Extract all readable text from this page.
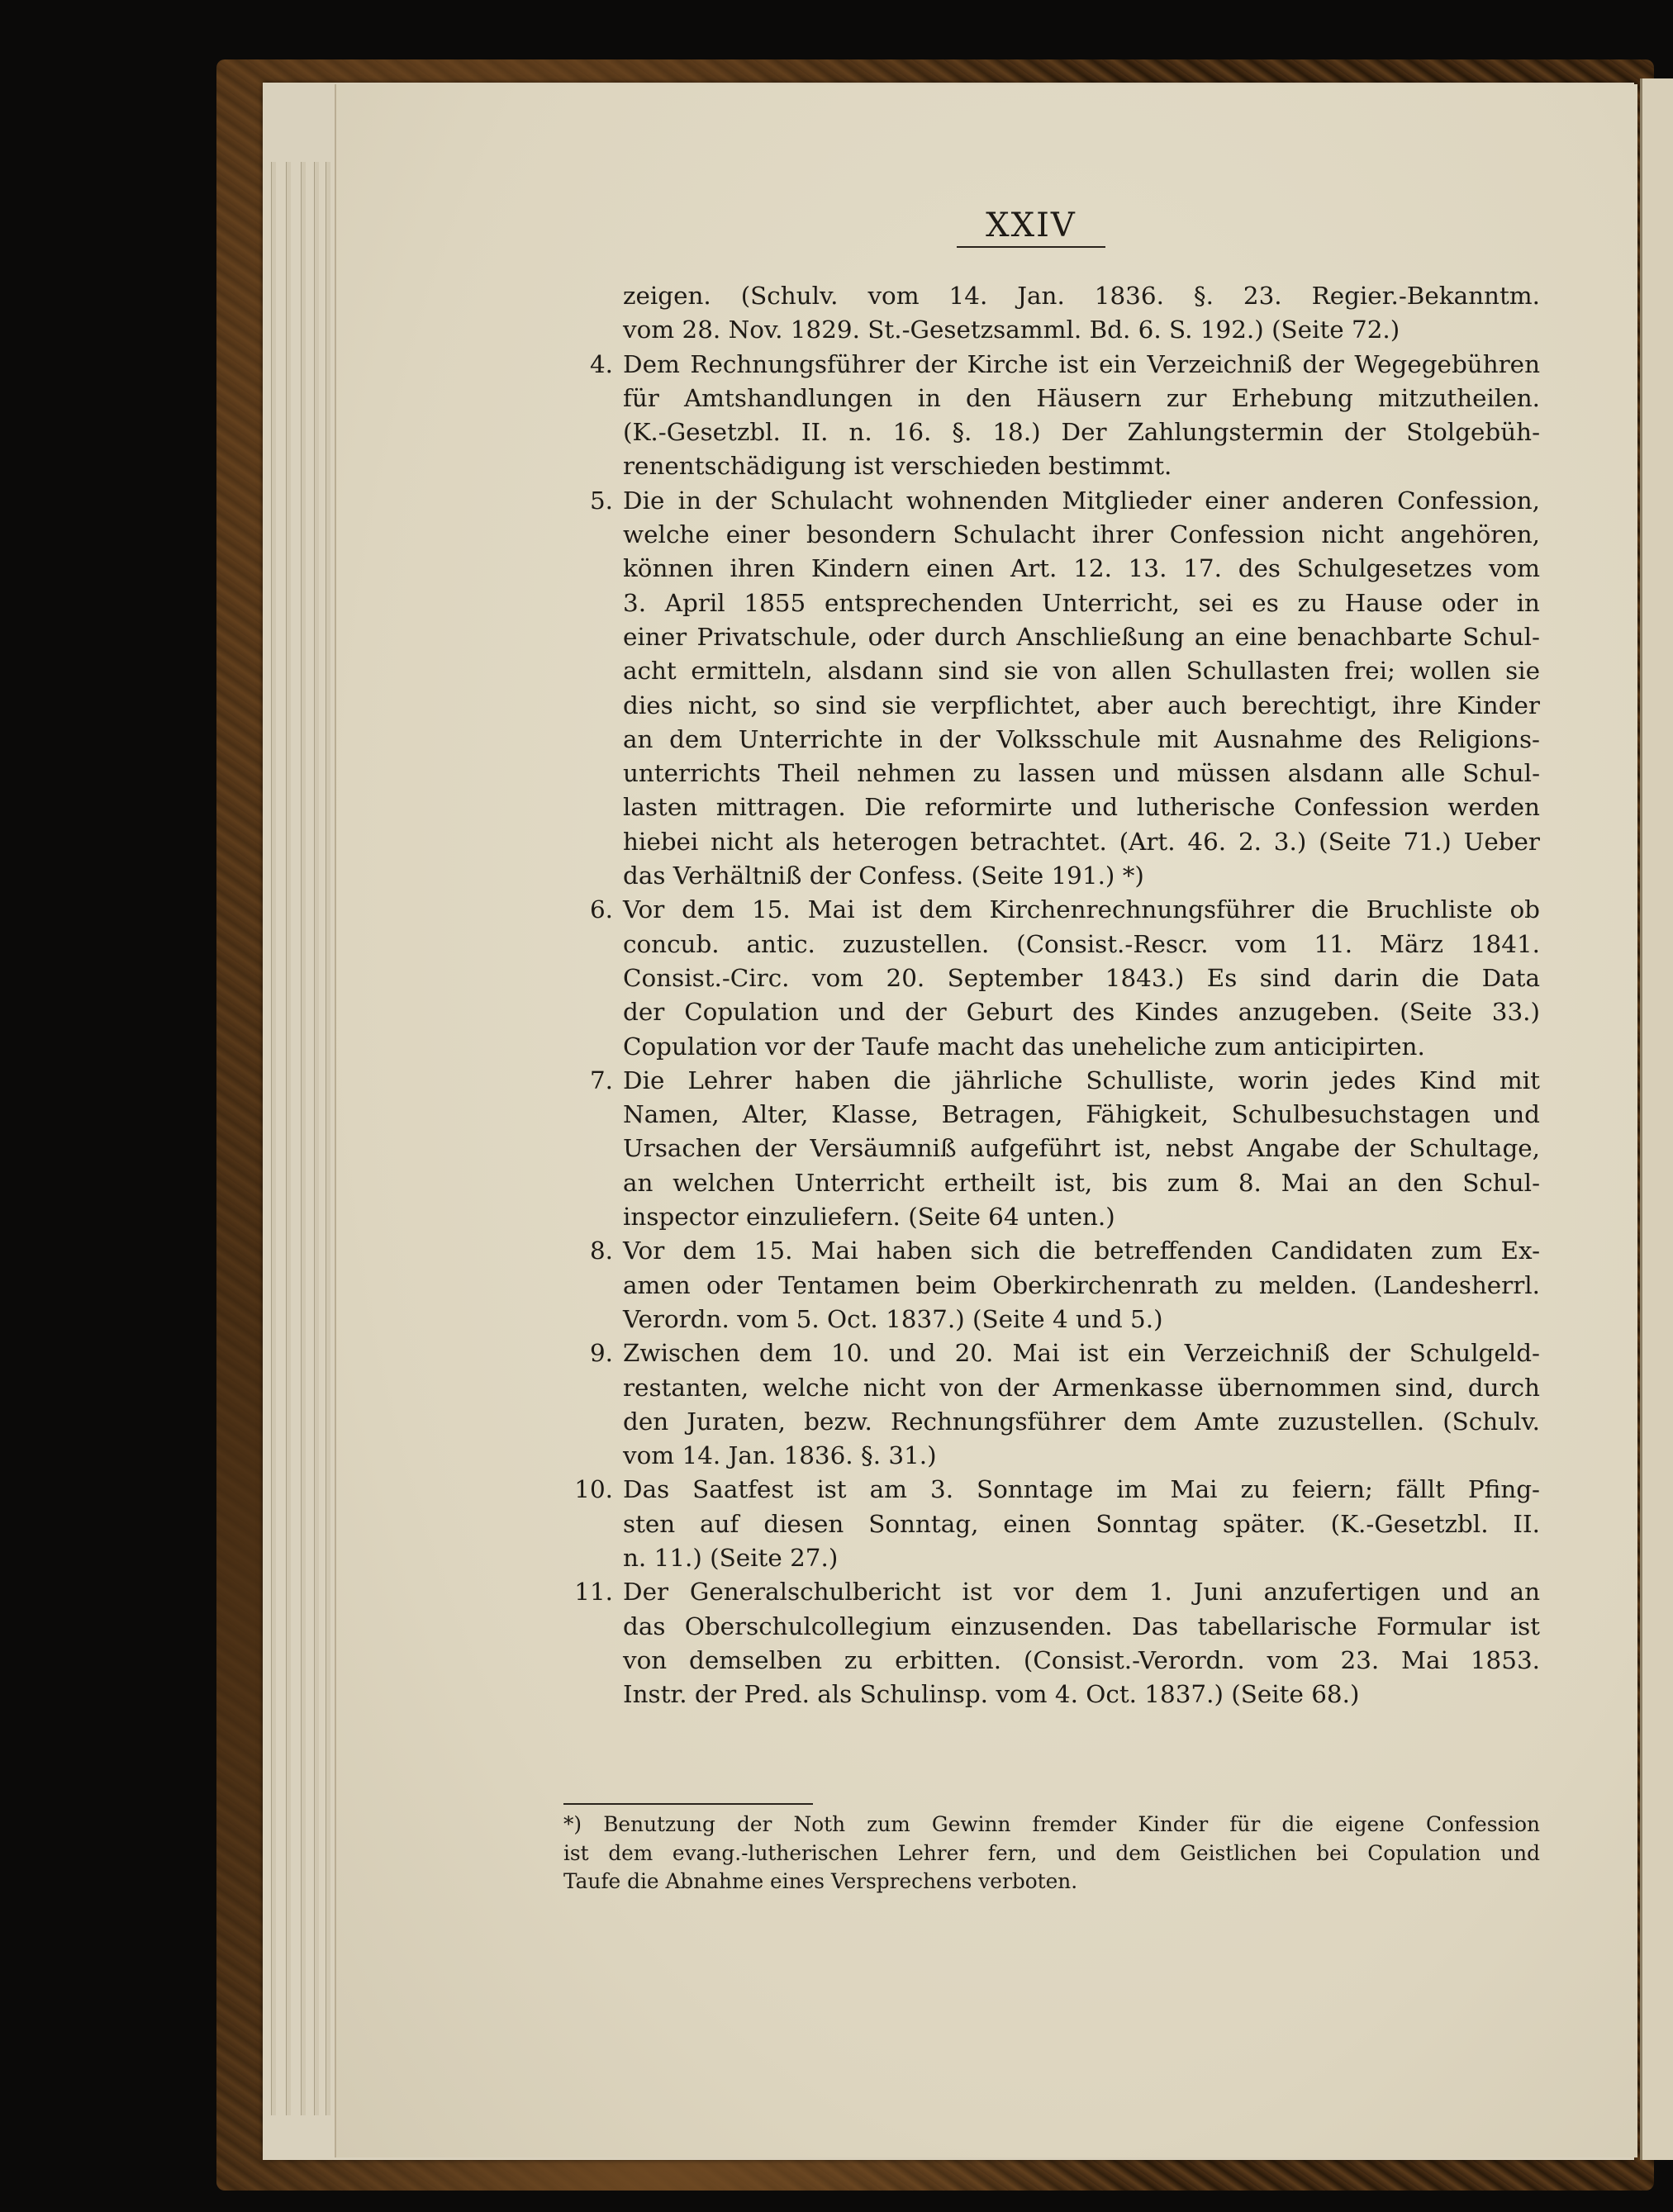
XXIV
zeigen. (Schulv. vom 14. Jan. 1836. §. 23. Regier.-Bekanntm.
vom 28. Nov. 1829. St.-Gesetzsamml. Bd. 6. S. 192.) (Seite 72.)
4. Dem Rechnungsführer der Kirche ist ein Verzeichniß der Wegegebühren
für Amtshandlungen in den Häusern zur Erhebung mitzutheilen.
(K.-Gesetzbl. II. n. 16. §. 18.) Der Zahlungstermin der Stolgebüh-
renentschädigung ist verschieden bestimmt.
5. Die in der Schulacht wohnenden Mitglieder einer anderen Confession,
welche einer besondern Schulacht ihrer Confession nicht angehören,
können ihren Kindern einen Art. 12. 13. 17. des Schulgesetzes vom
3. April 1855 entsprechenden Unterricht, sei es zu Hause oder in
einer Privatschule, oder durch Anschließung an eine benachbarte Schul-
acht ermitteln, alsdann sind sie von allen Schullasten frei; wollen sie
dies nicht, so sind sie verpflichtet, aber auch berechtigt, ihre Kinder
an dem Unterrichte in der Volksschule mit Ausnahme des Religions-
unterrichts Theil nehmen zu lassen und müssen alsdann alle Schul-
lasten mittragen. Die reformirte und lutherische Confession werden
hiebei nicht als heterogen betrachtet. (Art. 46. 2. 3.) (Seite 71.) Ueber
das Verhältniß der Confess. (Seite 191.) *)
6. Vor dem 15. Mai ist dem Kirchenrechnungsführer die Bruchliste ob
concub. antic. zuzustellen. (Consist.-Rescr. vom 11. März 1841.
Consist.-Circ. vom 20. September 1843.) Es sind darin die Data
der Copulation und der Geburt des Kindes anzugeben. (Seite 33.)
Copulation vor der Taufe macht das uneheliche zum anticipirten.
7. Die Lehrer haben die jährliche Schulliste, worin jedes Kind mit
Namen, Alter, Klasse, Betragen, Fähigkeit, Schulbesuchstagen und
Ursachen der Versäumniß aufgeführt ist, nebst Angabe der Schultage,
an welchen Unterricht ertheilt ist, bis zum 8. Mai an den Schul-
inspector einzuliefern. (Seite 64 unten.)
8. Vor dem 15. Mai haben sich die betreffenden Candidaten zum Ex-
amen oder Tentamen beim Oberkirchenrath zu melden. (Landesherrl.
Verordn. vom 5. Oct. 1837.) (Seite 4 und 5.)
9. Zwischen dem 10. und 20. Mai ist ein Verzeichniß der Schulgeld-
restanten, welche nicht von der Armenkasse übernommen sind, durch
den Juraten, bezw. Rechnungsführer dem Amte zuzustellen. (Schulv.
vom 14. Jan. 1836. §. 31.)
10. Das Saatfest ist am 3. Sonntage im Mai zu feiern; fällt Pfing-
sten auf diesen Sonntag, einen Sonntag später. (K.-Gesetzbl. II.
n. 11.) (Seite 27.)
11. Der Generalschulbericht ist vor dem 1. Juni anzufertigen und an
das Oberschulcollegium einzusenden. Das tabellarische Formular ist
von demselben zu erbitten. (Consist.-Verordn. vom 23. Mai 1853.
Instr. der Pred. als Schulinsp. vom 4. Oct. 1837.) (Seite 68.)
*) Benutzung der Noth zum Gewinn fremder Kinder für die eigene Confession
ist dem evang.-lutherischen Lehrer fern, und dem Geistlichen bei Copulation und
Taufe die Abnahme eines Versprechens verboten.
